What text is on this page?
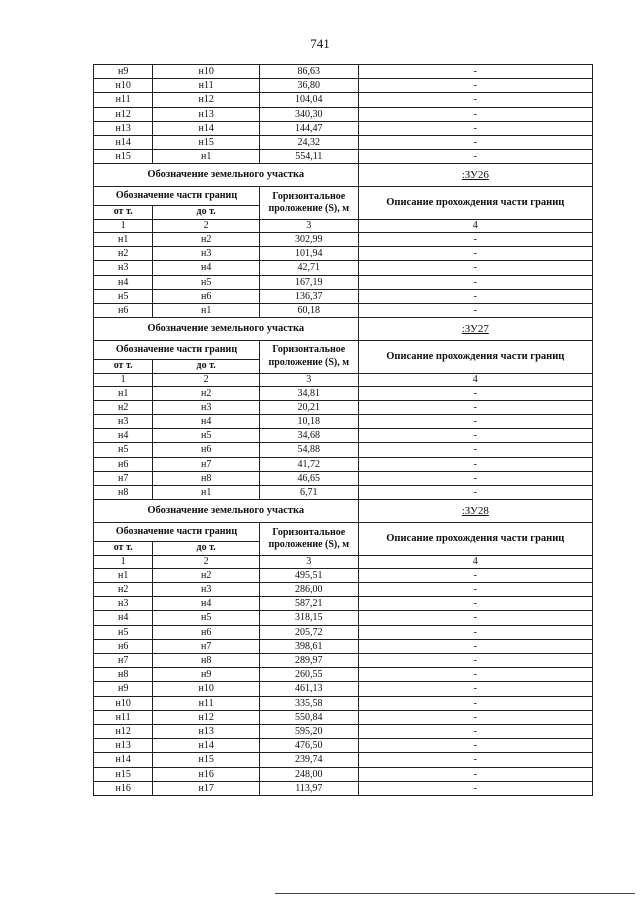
741
н9	н10	86,63	-
н10	н11	36,80	-
н11	н12	104,04	-
н12	н13	340,30	-
н13	н14	144,47	-
н14	н15	24,32	-
н15	н1	554,11	-
Обозначение земельного участка			:ЗУ26
Обозначение части границ		Горизонтальное проложение (S), м	Описание прохождения части границ
от т.	до т.		
1	2	3	4
н1	н2	302,99	-
н2	н3	101,94	-
н3	н4	42,71	-
н4	н5	167,19	-
н5	н6	136,37	-
н6	н1	60,18	-
Обозначение земельного участка			:ЗУ27
Обозначение части границ		Горизонтальное проложение (S), м	Описание прохождения части границ
от т.	до т.		
1	2	3	4
н1	н2	34,81	-
н2	н3	20,21	-
н3	н4	10,18	-
н4	н5	34,68	-
н5	н6	54,88	-
н6	н7	41,72	-
н7	н8	46,65	-
н8	н1	6,71	-
Обозначение земельного участка			:ЗУ28
Обозначение части границ		Горизонтальное проложение (S), м	Описание прохождения части границ
от т.	до т.		
1	2	3	4
н1	н2	495,51	-
н2	н3	286,00	-
н3	н4	587,21	-
н4	н5	318,15	-
н5	н6	205,72	-
н6	н7	398,61	-
н7	н8	289,97	-
н8	н9	260,55	-
н9	н10	461,13	-
н10	н11	335,58	-
н11	н12	550,84	-
н12	н13	595,20	-
н13	н14	476,50	-
н14	н15	239,74	-
н15	н16	248,00	-
н16	н17	113,97	-
